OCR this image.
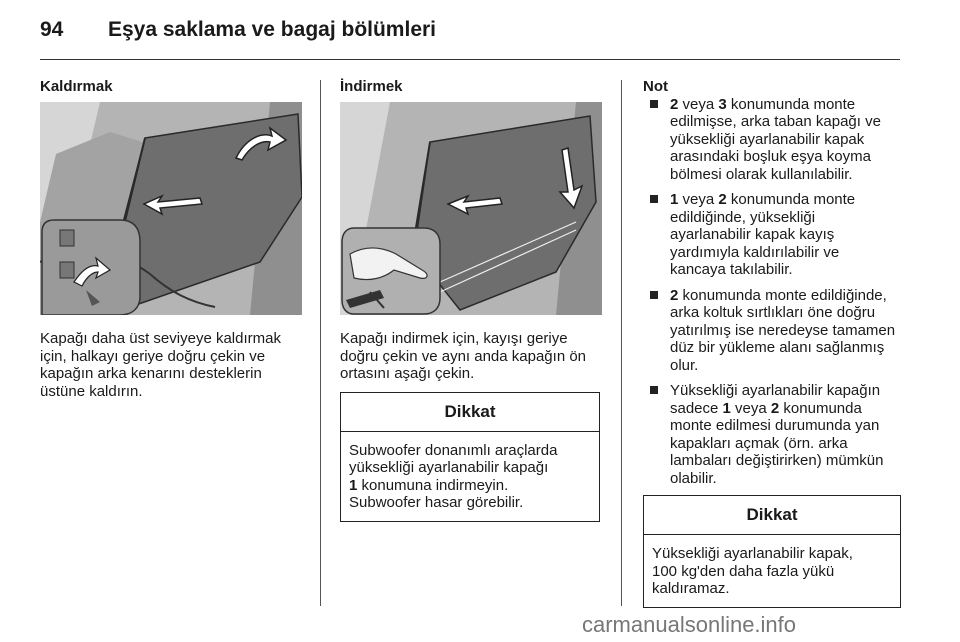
94 Eşya saklama ve bagaj bölümleri
Kaldırmak

Kapağı daha üst seviyeye kaldırmak
için, halkayı geriye doğru çekin ve
kapağın arka kenarını desteklerin
üstüne kaldırın.

İndirmek

Kapağı indirmek için, kayışı geriye
doğru çekin ve aynı anda kapağın ön
ortasını aşağı çekin.

Dikkat
Subwoofer donanımlı araçlarda
yüksekliği ayarlanabilir kapağı
1 konumuna indirmeyin.
Subwoofer hasar görebilir.
Not
2 veya 3 konumunda monte
edilmişse, arka taban kapağı ve
yüksekliği ayarlanabilir kapak
arasındaki boşluk eşya koyma
bölmesi olarak kullanılabilir.
1 veya 2 konumunda monte
edildiğinde, yüksekliği
ayarlanabilir kapak kayış
yardımıyla kaldırılabilir ve
kancaya takılabilir.
2 konumunda monte edildiğinde,
arka koltuk sırtlıkları öne doğru
yatırılmış ise neredeyse tamamen
düz bir yükleme alanı sağlanmış
olur.
Yüksekliği ayarlanabilir kapağın
sadece 1 veya 2 konumunda
monte edilmesi durumunda yan
kapakları açmak (örn. arka
lambaları değiştirirken) mümkün
olabilir.
Dikkat
Yüksekliği ayarlanabilir kapak,
100 kg'den daha fazla yükü
kaldıramaz.
carmanualsonline.info
